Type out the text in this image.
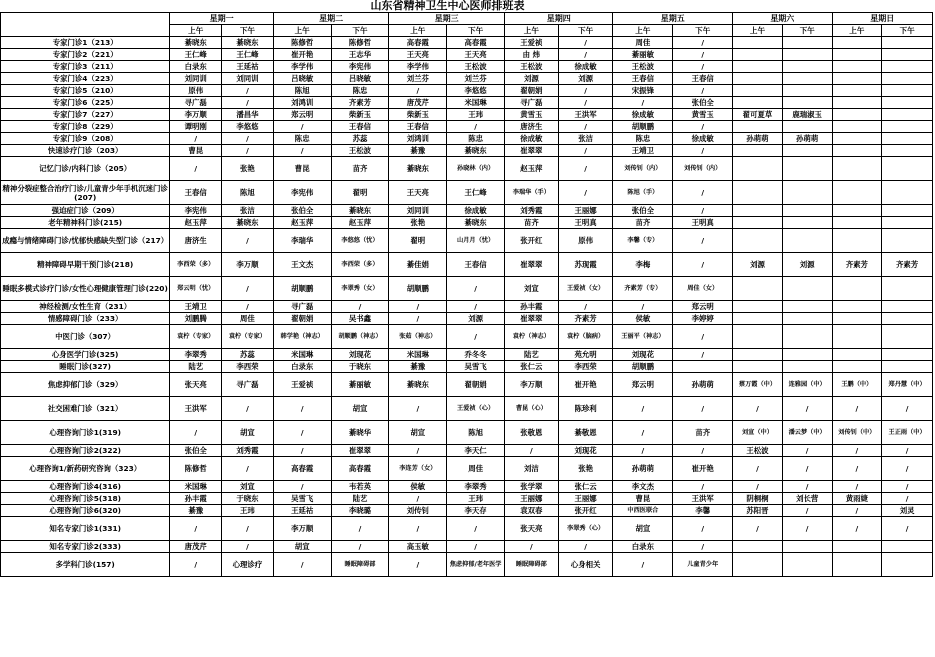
山东省精神卫生中心医师排班表
	星期一		星期二		星期三		星期四		星期五		星期六		星期日	
	上午	下午	上午	下午	上午	下午	上午	下午	上午	下午	上午	下午	上午	下午
专家门诊1（213）	綦晓东	綦晓东	陈修哲	陈修哲	高春霞	高春霞	王爱祯	/	周佳	/				
专家门诊2（221）	王仁峰	王仁峰	崔开艳	王志华	王天亮	王天亮	由 炜	/	綦丽敏	/				
专家门诊3（211）	白录东	王延祜	李学伟	李宪伟	李学伟	王松波	王松波	徐成敏	王松波	/				
专家门诊4（223）	刘同训	刘同训	吕晓敏	吕晓敏	刘兰芬	刘兰芬	刘源	刘源	王春信	王春信				
专家门诊5（210）	原伟	/	陈旭	陈忠	/	李悠悠	翟朝娟	/	宋振锋	/				
专家门诊6（225）	寻广磊	/	刘鸿训	齐素芳	唐茂芹	米国琳	寻广磊	/	/	张伯全				
专家门诊7（227）	李万顺	潘昌华	郑云明	柴新玉	柴新玉	王玮	黄雪玉	王洪军	徐成敏	黄雪玉	翟可夏草	鹿瑞淑玉		
专家门诊8（229）	谭明刚	李悠悠	/	王春信	王春信	/	唐济生	/	胡顺鹏	/				
专家门诊9（208）	/	/	陈忠	苏蕊	刘鸿训	陈忠	徐成敏	张洁	陈忠	徐成敏	孙萌萌	孙萌萌		
快速诊疗门诊（203）	曹昆	/	/	王松波	綦豫	綦晓东	崔翠翠	/	王靖卫	/				
记忆门诊/内科门诊（205）	/	张艳	曹昆	苗齐	綦晓东	孙晓林（内）	赵玉萍	/	刘传钊（内）	刘传钊（内）				
精神分裂症整合治疗门诊/儿童青少年手机沉迷门诊(207)	王春信	陈旭	李宪伟	翟明	王天亮	王仁峰	李瑞华（手）	/	陈旭（手）	/				
强迫症门诊（209）	李宪伟	张洁	张伯全	綦晓东	刘同训	徐成敏	刘秀霞	王丽娜	张伯全	/				
老年精神科门诊(215)	赵玉萍	綦晓东	赵玉萍	赵玉萍	张艳	綦晓东	苗齐	王明真	苗齐	王明真				
成瘾与情绪障碍门诊/忧郁快感缺失型门诊（217）	唐济生	/	李瑞华	李悠悠（忧）	翟明	山月月（忧）	张开红	原伟	李馨（专）	/				
精神障碍早期干预门诊(218)	李西荣（多）	李万顺	王文杰	李西荣（多）	綦佳娟	王春信	崔翠翠	苏现霞	李梅	/	刘源	刘源	齐素芳	齐素芳
睡眠多模式诊疗门诊/女性心理健康管理门诊(220)	郑云明（忧）	/	胡顺鹏	李翠秀（女）	胡顺鹏	/	刘宣	王爱祯（女）	齐素芳（专）	周佳（女）				
神经检测/女性生育（231）	王靖卫	/	寻广磊	/	/	/	孙丰霞	/	/	郑云明				
情感障碍门诊（233）	刘鹏腾	周佳	翟朝娟	吴书鑫	/	刘源	崔翠翠	齐素芳	侯敏	李婷婷				
中医门诊（307）	袁柠（专家）	袁柠（专家）	韩学艳（神志）	胡顺鹏（神志）	张茹（神志）	/	袁柠（神志）	袁柠（脑病）	王丽平（神志）	/				
心身医学门诊(325)	李翠秀	苏蕊	米国琳	刘现花	米国琳	乔冬冬	陆艺	苑允明	刘现花	/				
睡眠门诊(327)	陆艺	李西荣	白录东	于晓东	綦豫	吴雪飞	张仁云	李西荣	胡顺鹏					
焦虑抑郁门诊（329）	张天亮	寻广磊	王爱祯	綦丽敏	綦晓东	翟朝娟	李万顺	崔开艳	郑云明	孙萌萌	蔡万霞（中）	连雅园（中）	王鹏（中）	郑丹慧（中）
社交困难门诊（321）	王洪军	/	/	胡宣	/	王爱祯（心）	曹昆（心）	陈珍利	/	/	/	/	/	/
心理咨询门诊1(319)	/	胡宣	/	綦晓华	胡宣	陈旭	张敬恩	綦敬恩	/	苗齐	刘宣（中）	潘云梦（中）	刘传钊（中）	王正雨（中）
心理咨询门诊2(322)	张伯全	刘秀霞	/	崔翠翠	/	李天仁	/	刘现花	/	/	王松波	/	/	/
心理咨询1/新药研究咨询（323）	陈修哲	/	高春霞	高春霞	李连芳（女）	周佳	刘洁	张艳	孙萌萌	崔开艳	/	/	/	/
心理咨询门诊4(316)	米国琳	刘宣	/	韦若英	侯敏	李翠秀	张学翠	张仁云	李文杰	/	/	/	/	/
心理咨询门诊5(318)	孙丰霞	于晓东	吴雪飞	陆艺	/	王玮	王丽娜	王丽娜	曹昆	王洪军	阴桐桐	刘长营	黄雨婕	/
心理咨询门诊6(320)	綦豫	王玮	王延祜	李晓璐	刘传钊	李天存	袁双春	张开红	中西医联合	李馨	苏阳晋	/	/	刘灵
知名专家门诊1(331)	/	/	李万顺	/	/	/	张天亮	李翠秀（心）	胡宣	/	/	/	/	/
知名专家门诊2(333)	唐茂芹	/	胡宣	/	高玉敏	/	/	/	白录东	/				
多学科门诊(157)	/	心理诊疗	/	睡眠障碍部	/	焦虑抑郁/老年医学	睡眠障碍部	心身相关	/	儿童青少年				
